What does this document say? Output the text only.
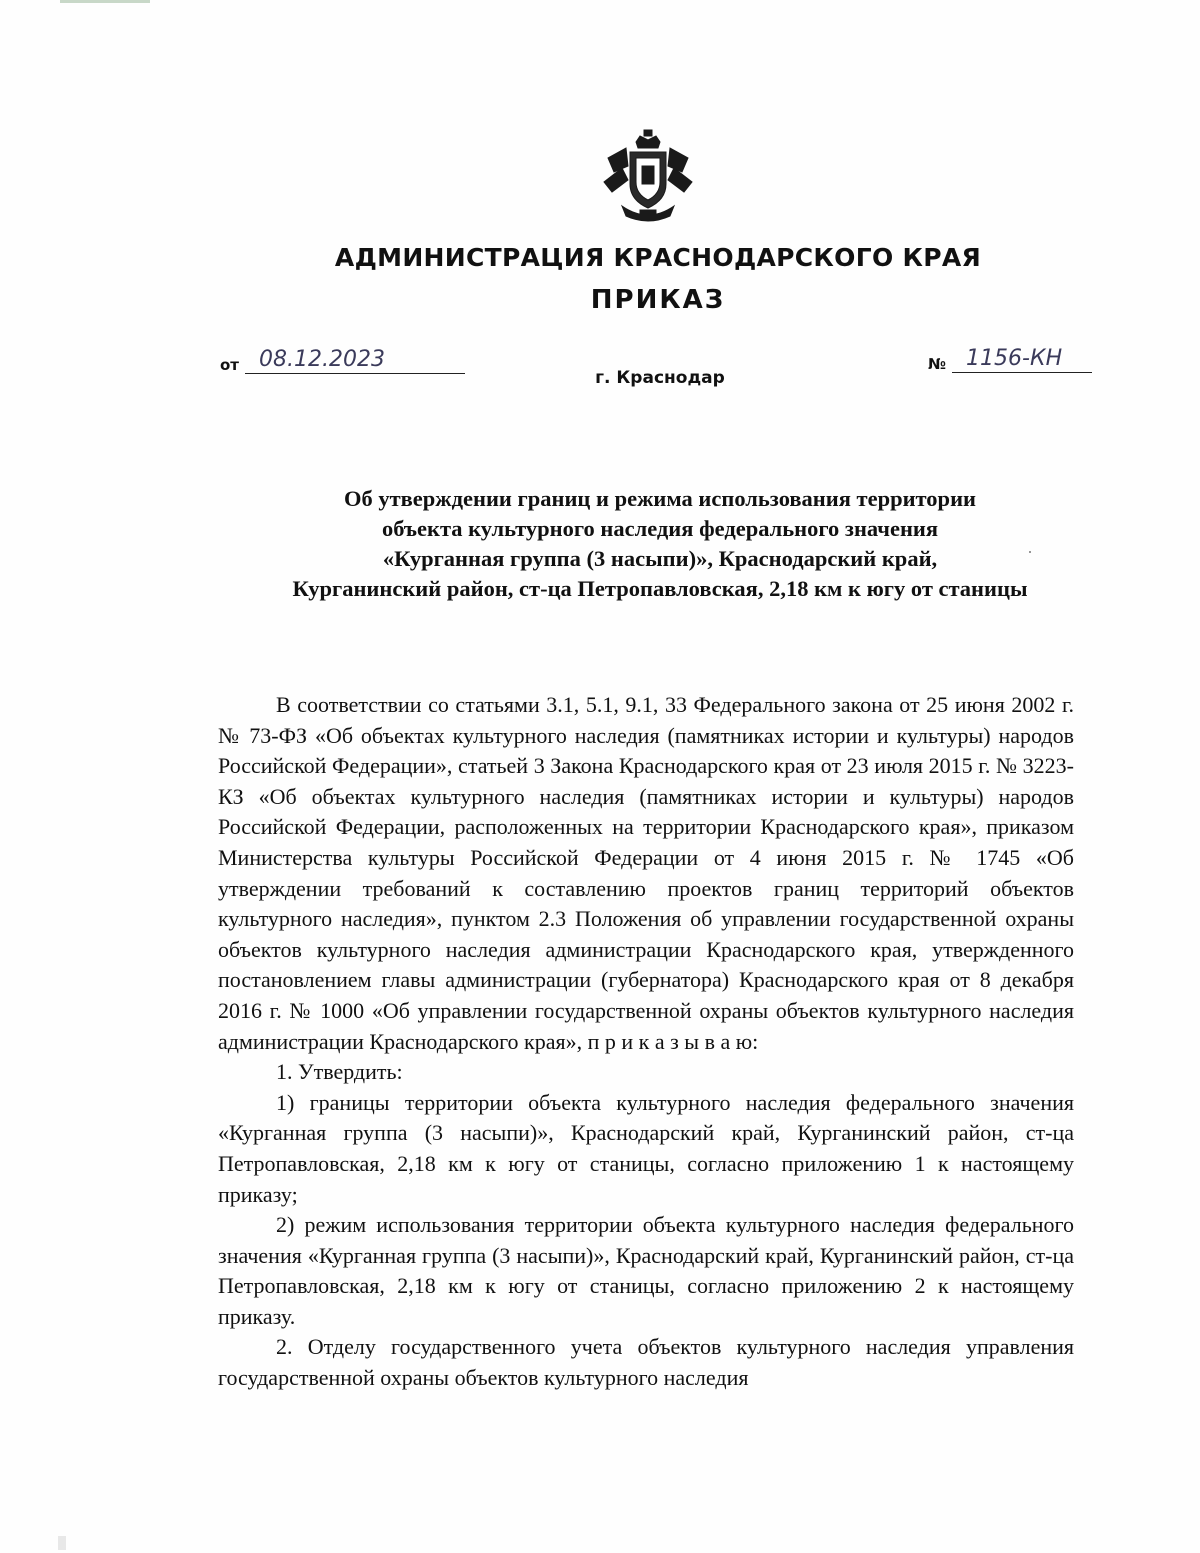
АДМИНИСТРАЦИЯ КРАСНОДАРСКОГО КРАЯ
ПРИКАЗ
от 08.12.2023	№ 1156-КН
г. Краснодар
Об утверждении границ и режима использования территории
объекта культурного наследия федерального значения
«Курганная группа (3 насыпи)», Краснодарский край,
Курганинский район, ст-ца Петропавловская, 2,18 км к югу от станицы

В соответствии со статьями 3.1, 5.1, 9.1, 33 Федерального закона от 25 июня 2002 г. № 73-ФЗ «Об объектах культурного наследия (памятниках истории и культуры) народов Российской Федерации», статьей 3 Закона Краснодарского края от 23 июля 2015 г. № 3223-КЗ «Об объектах культурного наследия (памятниках истории и культуры) народов Российской Федерации, расположенных на территории Краснодарского края», приказом Министерства культуры Российской Федерации от 4 июня 2015 г. № 1745 «Об утверждении требований к составлению проектов границ территорий объектов культурного наследия», пунктом 2.3 Положения об управлении государственной охраны объектов культурного наследия администрации Краснодарского края, утвержденного постановлением главы администрации (губернатора) Краснодарского края от 8 декабря 2016 г. № 1000 «Об управлении государственной охраны объектов культурного наследия администрации Краснодарского края», п р и к а з ы в а ю:

1. Утвердить:

1) границы территории объекта культурного наследия федерального значения «Курганная группа (3 насыпи)», Краснодарский край, Курганинский район, ст-ца Петропавловская, 2,18 км к югу от станицы, согласно приложению 1 к настоящему приказу;

2) режим использования территории объекта культурного наследия федерального значения «Курганная группа (3 насыпи)», Краснодарский край, Курганинский район, ст-ца Петропавловская, 2,18 км к югу от станицы, согласно приложению 2 к настоящему приказу.

2. Отделу государственного учета объектов культурного наследия управления государственной охраны объектов культурного наследия
